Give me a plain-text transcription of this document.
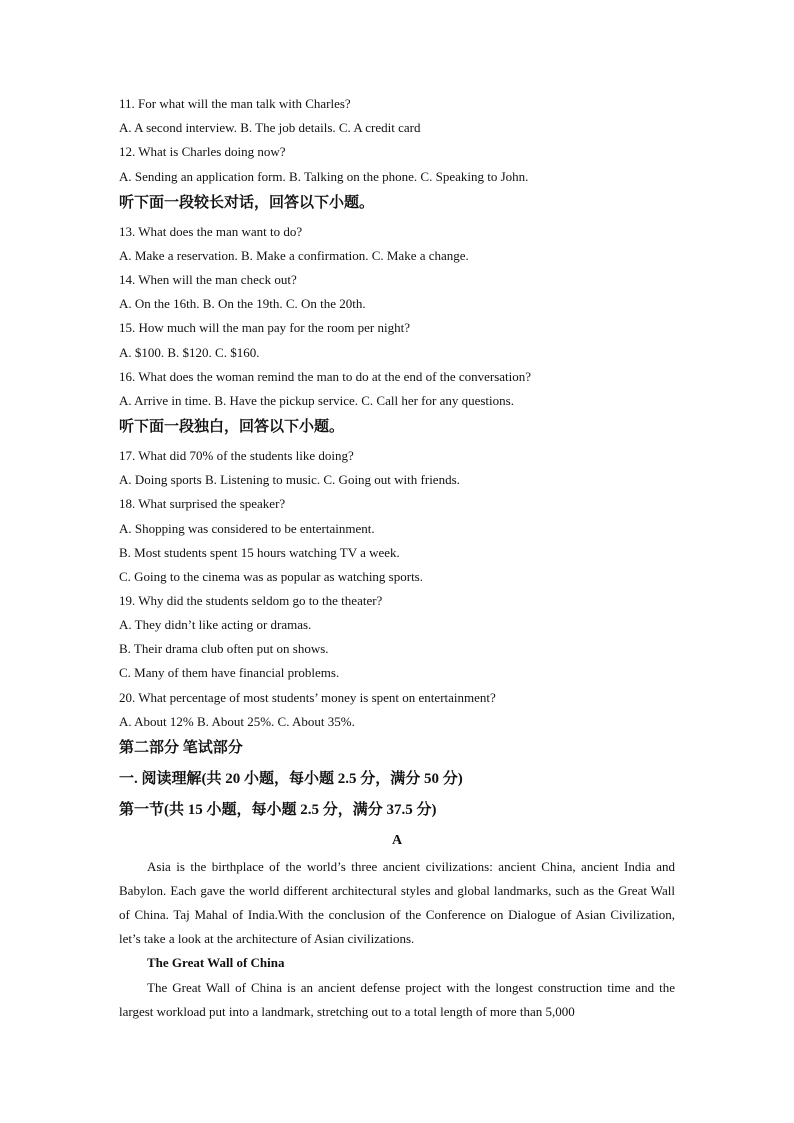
11. For what will the man talk with Charles?
A. A second interview. B. The job details. C. A credit card
12. What is Charles doing now?
A. Sending an application form. B. Talking on the phone. C. Speaking to John.
听下面一段较长对话，回答以下小题。
13. What does the man want to do?
A. Make a reservation. B. Make a confirmation. C. Make a change.
14. When will the man check out?
A. On the 16th. B. On the 19th. C. On the 20th.
15. How much will the man pay for the room per night?
A. $100. B. $120. C. $160.
16. What does the woman remind the man to do at the end of the conversation?
A. Arrive in time. B. Have the pickup service. C. Call her for any questions.
听下面一段独白，回答以下小题。
17. What did 70% of the students like doing?
A. Doing sports B. Listening to music. C. Going out with friends.
18. What surprised the speaker?
A. Shopping was considered to be entertainment.
B. Most students spent 15 hours watching TV a week.
C. Going to the cinema was as popular as watching sports.
19. Why did the students seldom go to the theater?
A. They didn’t like acting or dramas.
B. Their drama club often put on shows.
C. Many of them have financial problems.
20. What percentage of most students’ money is spent on entertainment?
A. About 12% B. About 25%. C. About 35%.
第二部分 笔试部分
一. 阅读理解(共 20 小题，每小题 2.5 分，满分 50 分)
第一节(共 15 小题，每小题 2.5 分，满分 37.5 分)
A
Asia is the birthplace of the world’s three ancient civilizations: ancient China, ancient India and Babylon. Each gave the world different architectural styles and global landmarks, such as the Great Wall of China. Taj Mahal of India.With the conclusion of the Conference on Dialogue of Asian Civilization, let’s take a look at the architecture of Asian civilizations.
The Great Wall of China
The Great Wall of China is an ancient defense project with the longest construction time and the largest workload put into a landmark, stretching out to a total length of more than 5,000
